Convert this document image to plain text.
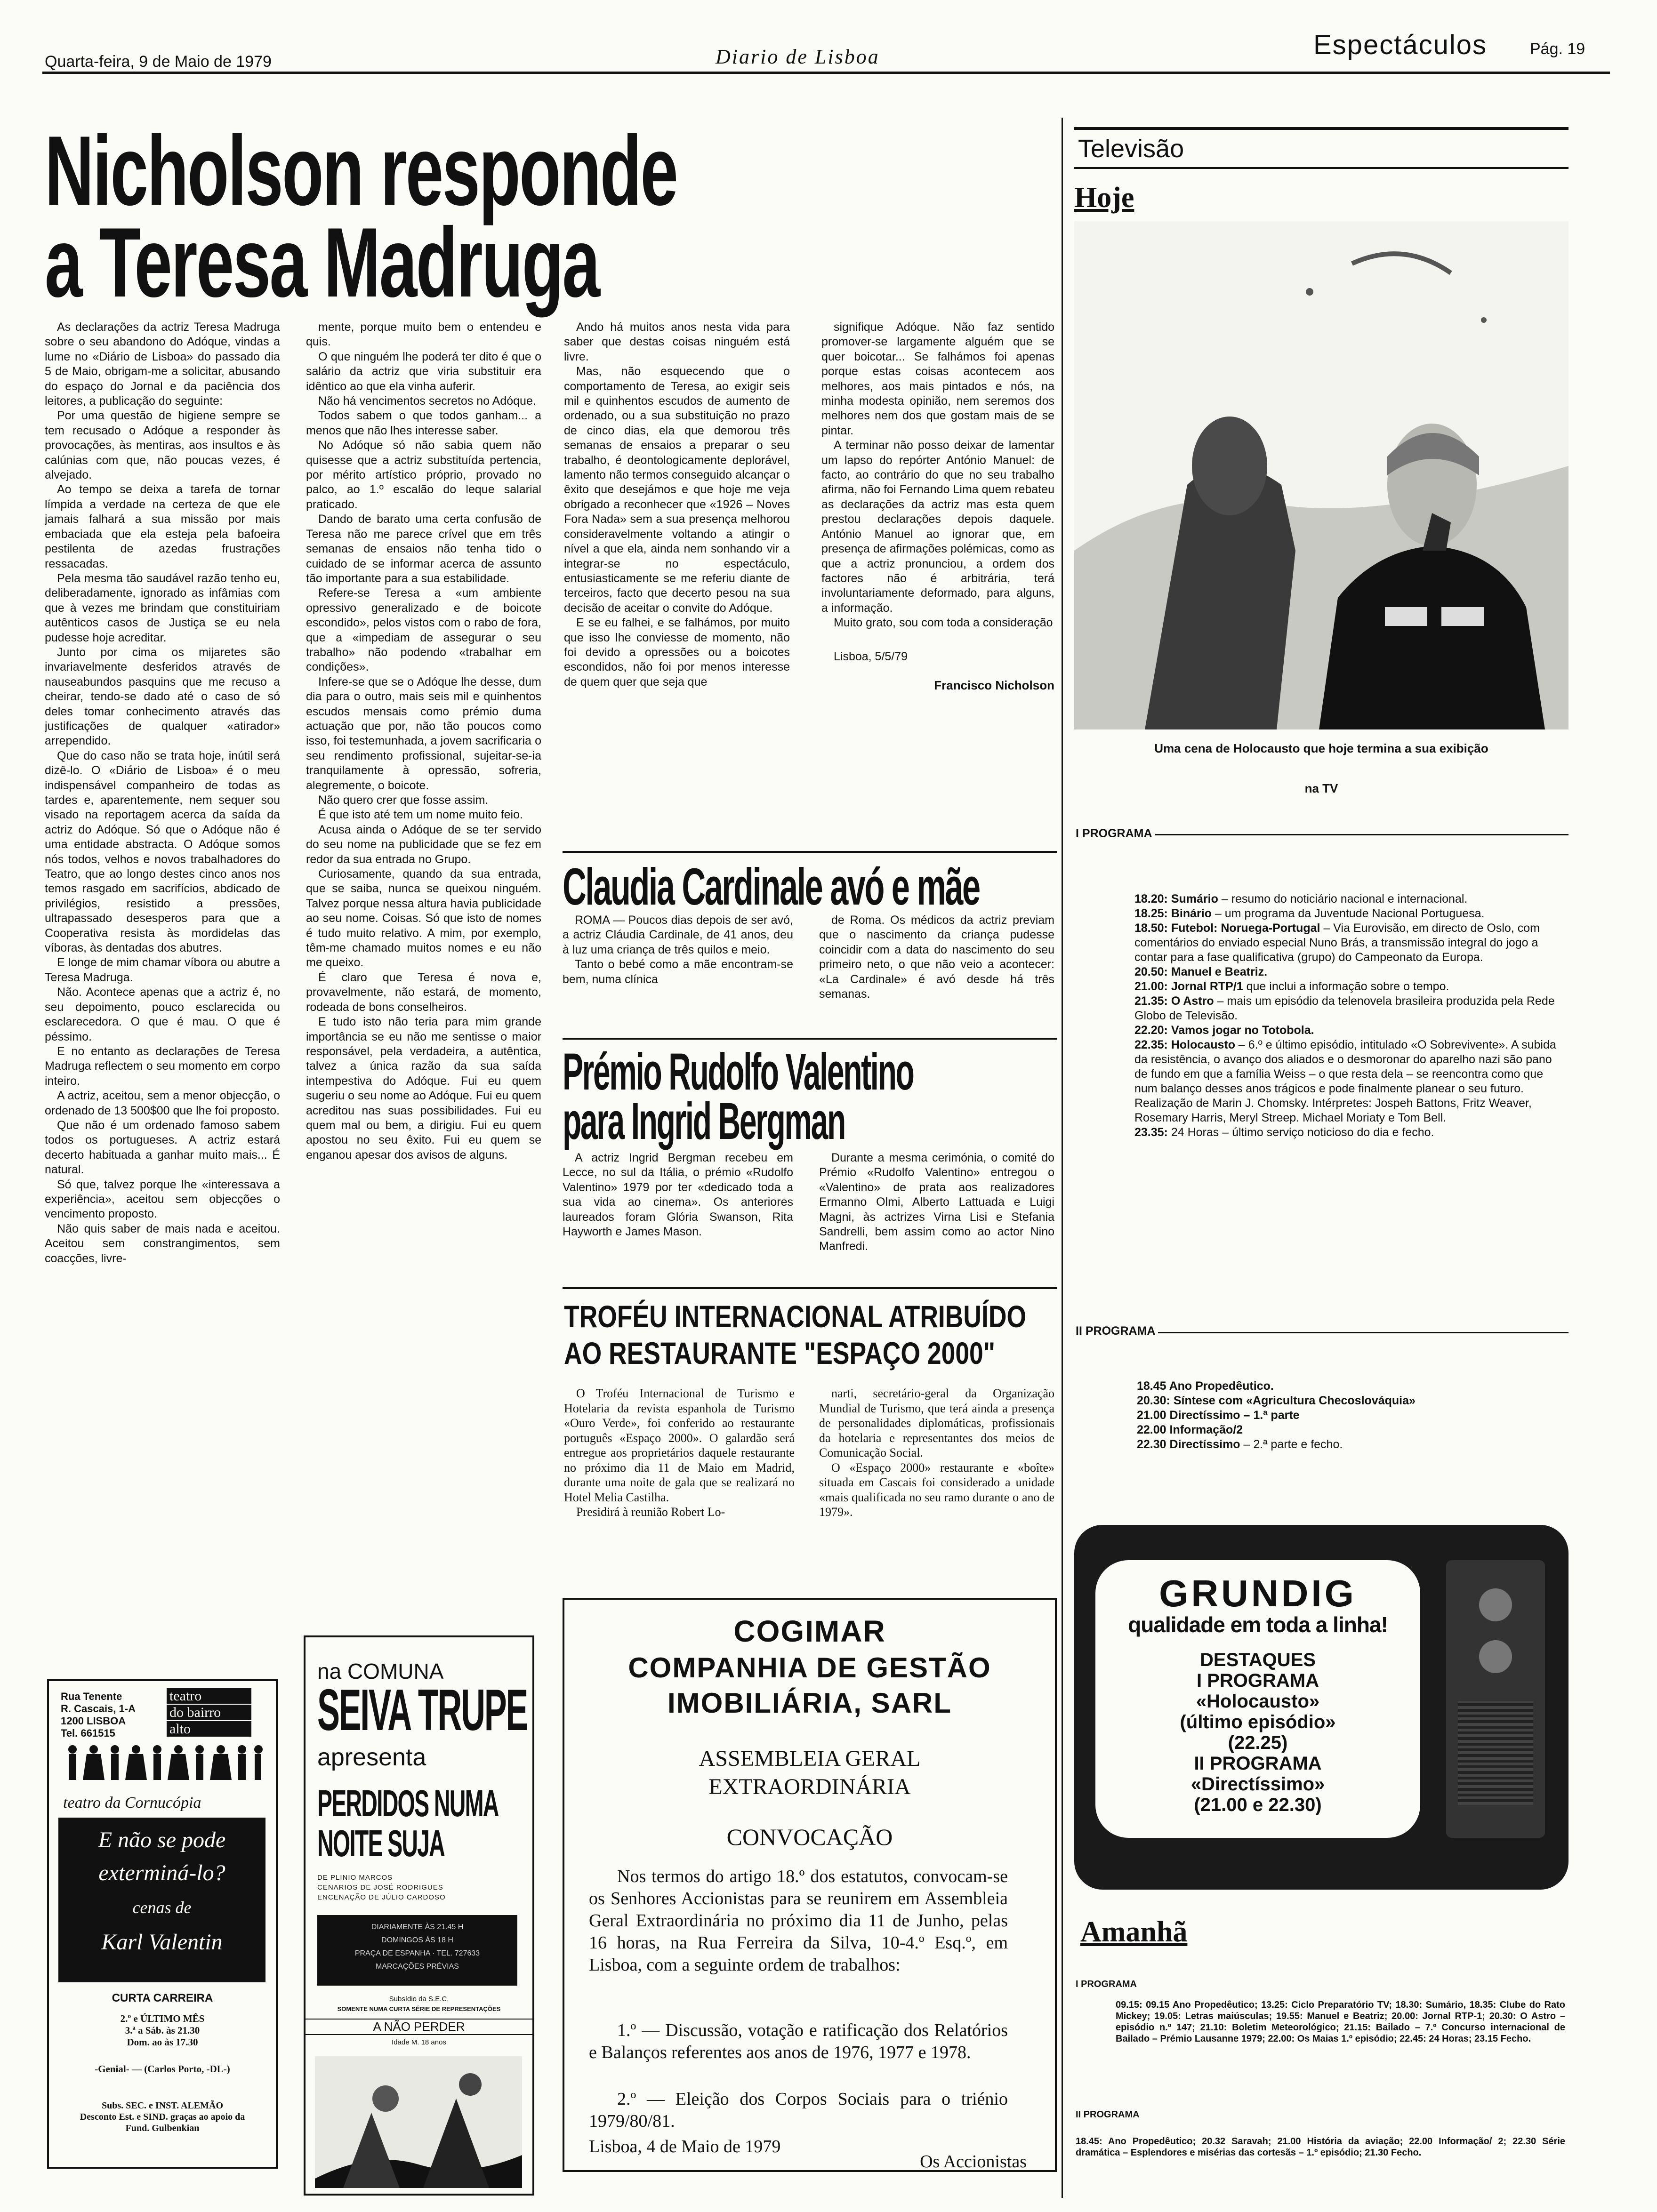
Quarta-feira, 9 de Maio de 1979	Diario de Lisboa	Espectáculos	Pág. 19
Nicholson responde
a Teresa Madruga

As declarações da actriz Teresa Madruga sobre o seu abandono do Adóque, vindas a lume no «Diário de Lisboa» do passado dia 5 de Maio, obrigam-me a solicitar, abusando do espaço do Jornal e da paciência dos leitores, a publicação do seguinte:

Por uma questão de higiene sempre se tem recusado o Adóque a responder às provocações, às mentiras, aos insultos e às calúnias com que, não poucas vezes, é alvejado.

Ao tempo se deixa a tarefa de tornar límpida a verdade na certeza de que ele jamais falhará a sua missão por mais embaciada que ela esteja pela bafoeira pestilenta de azedas frustrações ressacadas.

Pela mesma tão saudável razão tenho eu, deliberadamente, ignorado as infâmias com que à vezes me brindam que constituiriam autênticos casos de Justiça se eu nela pudesse hoje acreditar.

Junto por cima os mijaretes são invariavelmente desferidos através de nauseabundos pasquins que me recuso a cheirar, tendo-se dado até o caso de só deles tomar conhecimento através das justificações de qualquer «atirador» arrependido.

Que do caso não se trata hoje, inútil será dizê-lo. O «Diário de Lisboa» é o meu indispensável companheiro de todas as tardes e, aparentemente, nem sequer sou visado na reportagem acerca da saída da actriz do Adóque. Só que o Adóque não é uma entidade abstracta. O Adóque somos nós todos, velhos e novos trabalhadores do Teatro, que ao longo destes cinco anos nos temos rasgado em sacrifícios, abdicado de privilégios, resistido a pressões, ultrapassado desesperos para que a Cooperativa resista às mordidelas das víboras, às dentadas dos abutres.

E longe de mim chamar víbora ou abutre a Teresa Madruga.

Não. Acontece apenas que a actriz é, no seu depoimento, pouco esclarecida ou esclarecedora. O que é mau. O que é péssimo.

E no entanto as declarações de Teresa Madruga reflectem o seu momento em corpo inteiro.

A actriz, aceitou, sem a menor objecção, o ordenado de 13 500$00 que lhe foi proposto.

Que não é um ordenado famoso sabem todos os portugueses. A actriz estará decerto habituada a ganhar muito mais... É natural.

Só que, talvez porque lhe «interessava a experiência», aceitou sem objecções o vencimento proposto.

Não quis saber de mais nada e aceitou. Aceitou sem constrangimentos, sem coacções, livre-

mente, porque muito bem o entendeu e quis.

O que ninguém lhe poderá ter dito é que o salário da actriz que viria substituir era idêntico ao que ela vinha auferir.

Não há vencimentos secretos no Adóque.

Todos sabem o que todos ganham... a menos que não lhes interesse saber.

No Adóque só não sabia quem não quisesse que a actriz substituída pertencia, por mérito artístico próprio, provado no palco, ao 1.º escalão do leque salarial praticado.

Dando de barato uma certa confusão de Teresa não me parece crível que em três semanas de ensaios não tenha tido o cuidado de se informar acerca de assunto tão importante para a sua estabilidade.

Refere-se Teresa a «um ambiente opressivo generalizado e de boicote escondido», pelos vistos com o rabo de fora, que a «impediam de assegurar o seu trabalho» não podendo «trabalhar em condições».

Infere-se que se o Adóque lhe desse, dum dia para o outro, mais seis mil e quinhentos escudos mensais como prémio duma actuação que por, não tão poucos como isso, foi testemunhada, a jovem sacrificaria o seu rendimento profissional, sujeitar-se-ia tranquilamente à opressão, sofreria, alegremente, o boicote.

Não quero crer que fosse assim.

É que isto até tem um nome muito feio.

Acusa ainda o Adóque de se ter servido do seu nome na publicidade que se fez em redor da sua entrada no Grupo.

Curiosamente, quando da sua entrada, que se saiba, nunca se queixou ninguém. Talvez porque nessa altura havia publicidade ao seu nome. Coisas. Só que isto de nomes é tudo muito relativo. A mim, por exemplo, têm-me chamado muitos nomes e eu não me queixo.

É claro que Teresa é nova e, provavelmente, não estará, de momento, rodeada de bons conselheiros.

E tudo isto não teria para mim grande importância se eu não me sentisse o maior responsável, pela verdadeira, a autêntica, talvez a única razão da sua saída intempestiva do Adóque. Fui eu quem sugeriu o seu nome ao Adóque. Fui eu quem acreditou nas suas possibilidades. Fui eu quem mal ou bem, a dirigiu. Fui eu quem apostou no seu êxito. Fui eu quem se enganou apesar dos avisos de alguns.

Ando há muitos anos nesta vida para saber que destas coisas ninguém está livre.

Mas, não esquecendo que o comportamento de Teresa, ao exigir seis mil e quinhentos escudos de aumento de ordenado, ou a sua substituição no prazo de cinco dias, ela que demorou três semanas de ensaios a preparar o seu trabalho, é deontologicamente deplorável, lamento não termos conseguido alcançar o êxito que desejámos e que hoje me veja obrigado a reconhecer que «1926 – Noves Fora Nada» sem a sua presença melhorou consideravelmente voltando a atingir o nível a que ela, ainda nem sonhando vir a integrar-se no espectáculo, entusiasticamente se me referiu diante de terceiros, facto que decerto pesou na sua decisão de aceitar o convite do Adóque.

E se eu falhei, e se falhámos, por muito que isso lhe conviesse de momento, não foi devido a opressões ou a boicotes escondidos, não foi por menos interesse de quem quer que seja que

signifique Adóque. Não faz sentido promover-se largamente alguém que se quer boicotar... Se falhámos foi apenas porque estas coisas acontecem aos melhores, aos mais pintados e nós, na minha modesta opinião, nem seremos dos melhores nem dos que gostam mais de se pintar.

A terminar não posso deixar de lamentar um lapso do repórter António Manuel: de facto, ao contrário do que no seu trabalho afirma, não foi Fernando Lima quem rebateu as declarações da actriz mas esta quem prestou declarações depois daquele. António Manuel ao ignorar que, em presença de afirmações polémicas, como as que a actriz pronunciou, a ordem dos factores não é arbitrária, terá involuntariamente deformado, para alguns, a informação.

Muito grato, sou com toda a consideração

Lisboa, 5/5/79
Francisco Nicholson
Claudia Cardinale avó e mãe

ROMA — Poucos dias depois de ser avó, a actriz Cláudia Cardinale, de 41 anos, deu à luz uma criança de três quilos e meio.

Tanto o bebé como a mãe encontram-se bem, numa clínica

de Roma. Os médicos da actriz previam que o nascimento da criança pudesse coincidir com a data do nascimento do seu primeiro neto, o que não veio a acontecer: «La Cardinale» é avó desde há três semanas.

Prémio Rudolfo Valentino
para Ingrid Bergman

A actriz Ingrid Bergman recebeu em Lecce, no sul da Itália, o prémio «Rudolfo Valentino» 1979 por ter «dedicado toda a sua vida ao cinema». Os anteriores laureados foram Glória Swanson, Rita Hayworth e James Mason.

Durante a mesma cerimónia, o comité do Prémio «Rudolfo Valentino» entregou o «Valentino» de prata aos realizadores Ermanno Olmi, Alberto Lattuada e Luigi Magni, às actrizes Virna Lisi e Stefania Sandrelli, bem assim como ao actor Nino Manfredi.

TROFÉU INTERNACIONAL ATRIBUÍDO
AO RESTAURANTE "ESPAÇO 2000"

O Troféu Internacional de Turismo e Hotelaria da revista espanhola de Turismo «Ouro Verde», foi conferido ao restaurante português «Espaço 2000». O galardão será entregue aos proprietários daquele restaurante no próximo dia 11 de Maio em Madrid, durante uma noite de gala que se realizará no Hotel Melia Castilha.

Presidirá à reunião Robert Lo-

narti, secretário-geral da Organização Mundial de Turismo, que terá ainda a presença de personalidades diplomáticas, profissionais da hotelaria e representantes dos meios de Comunicação Social.

O «Espaço 2000» restaurante e «boîte» situada em Cascais foi considerado a unidade «mais qualificada no seu ramo durante o ano de 1979».

COGIMAR
COMPANHIA DE GESTÃO
IMOBILIÁRIA, SARL
ASSEMBLEIA GERAL
EXTRAORDINÁRIA
CONVOCAÇÃO
Nos termos do artigo 18.º dos estatutos, convocam-se os Senhores Accionistas para se reunirem em Assembleia Geral Extraordinária no próximo dia 11 de Junho, pelas 16 horas, na Rua Ferreira da Silva, 10-4.º Esq.º, em Lisboa, com a seguinte ordem de trabalhos:
1.º — Discussão, votação e ratificação dos Relatórios e Balanços referentes aos anos de 1976, 1977 e 1978.
2.º — Eleição dos Corpos Sociais para o triénio 1979/80/81.
Lisboa, 4 de Maio de 1979
Os Accionistas
Rua Tenente
R. Cascais, 1-A
1200 LISBOA
Tel. 661515
teatro
do bairro
alto
teatro da Cornucópia
E não se pode
exterminá-lo?
cenas de
Karl Valentin
CURTA CARREIRA
2.º e ÚLTIMO MÊS
3.ª a Sáb. às 21.30
Dom. ao às 17.30
-Genial- — (Carlos Porto, -DL-)
Subs. SEC. e INST. ALEMÃO
Desconto Est. e SIND. graças ao apoio da
Fund. Gulbenkian
na COMUNA
SEIVA TRUPE
apresenta
PERDIDOS NUMA
NOITE SUJA
DE PLINIO MARCOS
CENARIOS DE JOSÉ RODRIGUES
ENCENAÇÃO DE JÚLIO CARDOSO
DIARIAMENTE ÀS 21.45 H
DOMINGOS ÀS 18 H
PRAÇA DE ESPANHA · TEL. 727633
MARCAÇÕES PRÉVIAS
Subsídio da S.E.C.
SOMENTE NUMA CURTA SÉRIE DE REPRESENTAÇÕES
A NÃO PERDER
Idade M. 18 anos
Televisão
Hoje
Uma cena de Holocausto que hoje termina a sua exibição
na TV
I PROGRAMA
18.20: Sumário – resumo do noticiário nacional e internacional.
18.25: Binário – um programa da Juventude Nacional Portuguesa.
18.50: Futebol: Noruega-Portugal – Via Eurovisão, em directo de Oslo, com comentários do enviado especial Nuno Brás, a transmissão integral do jogo a contar para a fase qualificativa (grupo) do Campeonato da Europa.
20.50: Manuel e Beatriz.
21.00: Jornal RTP/1 que inclui a informação sobre o tempo.
21.35: O Astro – mais um episódio da telenovela brasileira produzida pela Rede Globo de Televisão.
22.20: Vamos jogar no Totobola.
22.35: Holocausto – 6.º e último episódio, intitulado «O Sobrevivente». A subida da resistência, o avanço dos aliados e o desmoronar do aparelho nazi são pano de fundo em que a família Weiss – o que resta dela – se reencontra como que num balanço desses anos trágicos e pode finalmente planear o seu futuro. Realização de Marin J. Chomsky. Intérpretes: Jospeh Battons, Fritz Weaver, Rosemary Harris, Meryl Streep. Michael Moriaty e Tom Bell.
23.35: 24 Horas – último serviço noticioso do dia e fecho.
II PROGRAMA
18.45 Ano Propedêutico.
20.30: Síntese com «Agricultura Checoslováquia»
21.00 Directíssimo – 1.ª parte
22.00 Informação/2
22.30 Directíssimo – 2.ª parte e fecho.
GRUNDIG
qualidade em toda a linha!
DESTAQUES
I PROGRAMA
«Holocausto»
(último episódio»
(22.25)
II PROGRAMA
«Directíssimo»
(21.00 e 22.30)
Amanhã
I PROGRAMA
09.15: 09.15 Ano Propedêutico; 13.25: Ciclo Preparatório TV; 18.30: Sumário, 18.35: Clube do Rato Mickey; 19.05: Letras maiúsculas; 19.55: Manuel e Beatriz; 20.00: Jornal RTP-1; 20.30: O Astro – episódio n.º 147; 21.10: Boletim Meteorológico; 21.15: Bailado – 7.º Concurso internacional de Bailado – Prémio Lausanne 1979; 22.00: Os Maias 1.º episódio; 22.45: 24 Horas; 23.15 Fecho.
II PROGRAMA
18.45: Ano Propedêutico; 20.32 Saravah; 21.00 História da aviação; 22.00 Informação/ 2; 22.30 Série dramática – Esplendores e misérias das cortesãs – 1.º episódio; 21.30 Fecho.
